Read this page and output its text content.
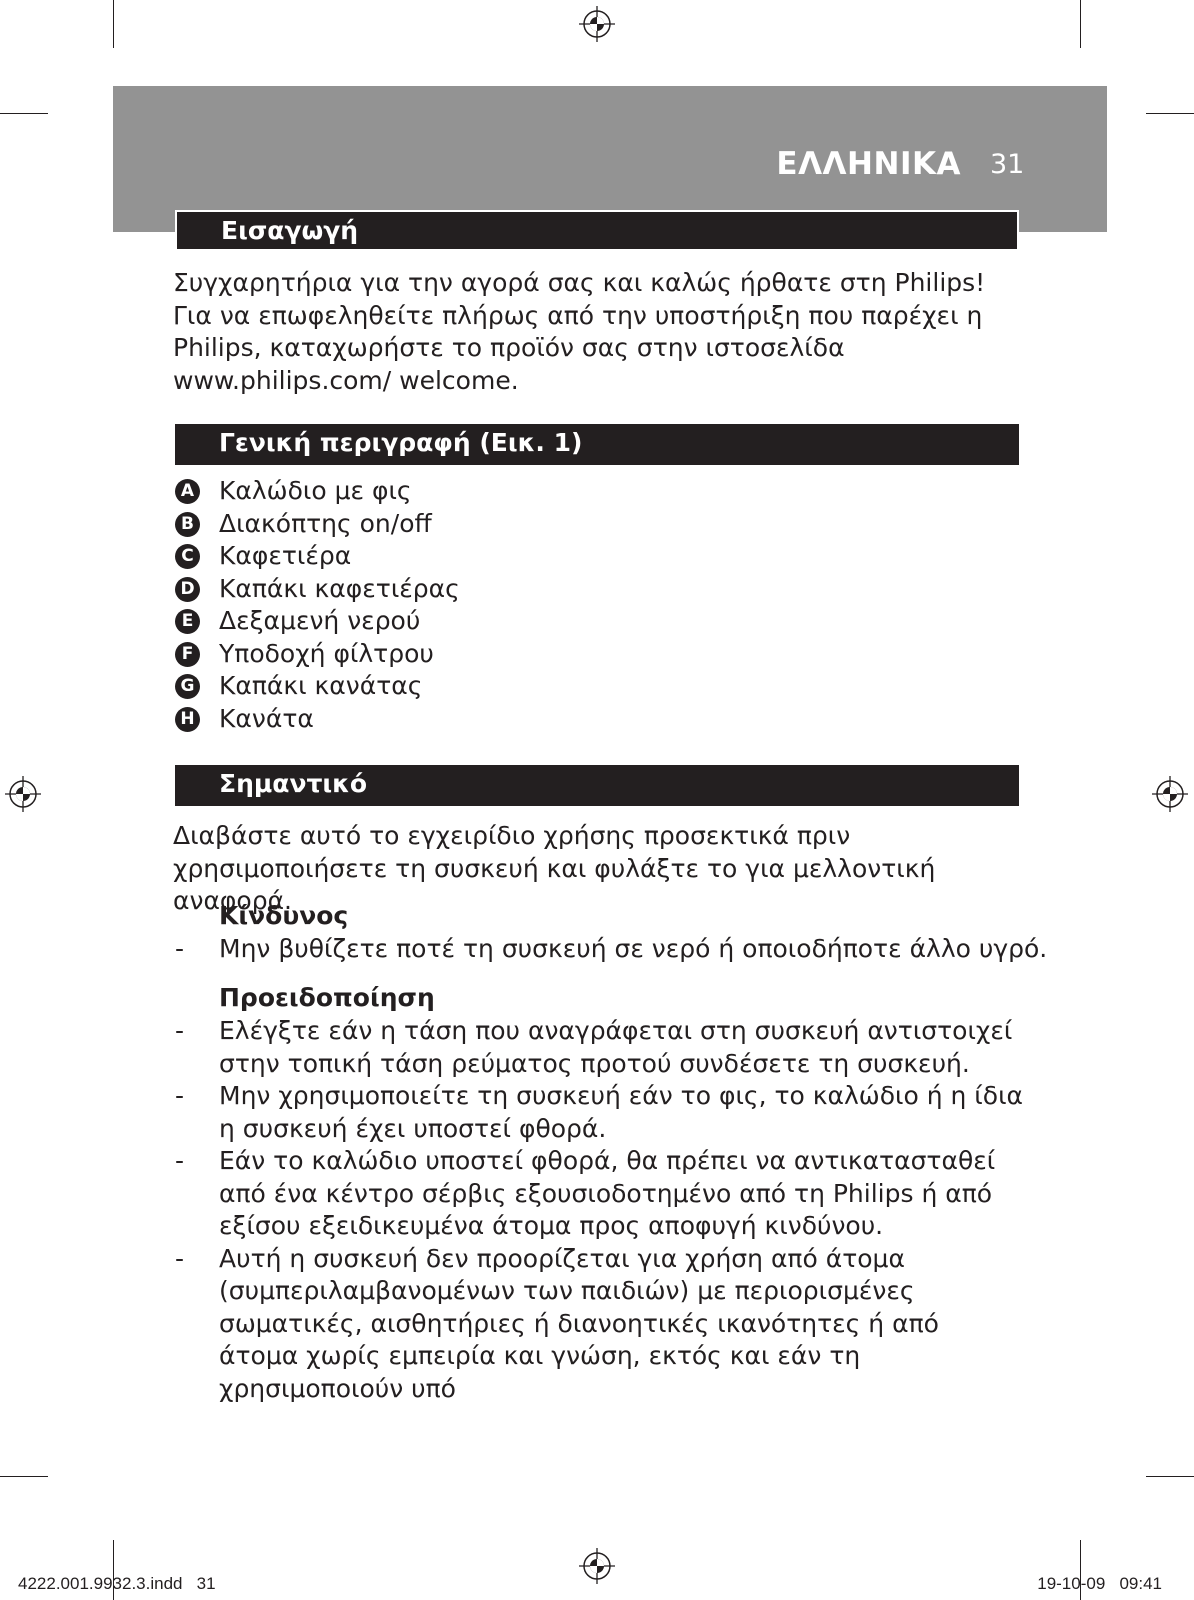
ΕΛΛΗΝΙΚΑ 31
Εισαγωγή

Συγχαρητήρια για την αγορά σας και καλώς ήρθατε στη Philips! Για να επωφεληθείτε πλήρως από την υποστήριξη που παρέχει η Philips, καταχωρήστε το προϊόν σας στην ιστοσελίδα www.philips.com/ welcome.

Γενική περιγραφή (Εικ. 1)
A Καλώδιο με φις
B Διακόπτης on/off
C Καφετιέρα
D Καπάκι καφετιέρας
E Δεξαμενή νερού
F Υποδοχή φίλτρου
G Καπάκι κανάτας
H Κανάτα
Σημαντικό

Διαβάστε αυτό το εγχειρίδιο χρήσης προσεκτικά πριν χρησιμοποιήσετε τη συσκευή και φυλάξτε το για μελλοντική αναφορά.

Κίνδυνος
- Μην βυθίζετε ποτέ τη συσκευή σε νερό ή οποιοδήποτε άλλο υγρό.
Προειδοποίηση
- Ελέγξτε εάν η τάση που αναγράφεται στη συσκευή αντιστοιχεί στην τοπική τάση ρεύματος προτού συνδέσετε τη συσκευή.
- Μην χρησιμοποιείτε τη συσκευή εάν το φις, το καλώδιο ή η ίδια η συσκευή έχει υποστεί φθορά.
- Εάν το καλώδιο υποστεί φθορά, θα πρέπει να αντικατασταθεί από ένα κέντρο σέρβις εξουσιοδοτημένο από τη Philips ή από εξίσου εξειδικευμένα άτομα προς αποφυγή κινδύνου.
- Αυτή η συσκευή δεν προορίζεται για χρήση από άτομα (συμπεριλαμβανομένων των παιδιών) με περιορισμένες σωματικές, αισθητήριες ή διανοητικές ικανότητες ή από άτομα χωρίς εμπειρία και γνώση, εκτός και εάν τη χρησιμοποιούν υπό
4222.001.9932.3.indd   31	19-10-09   09:41
